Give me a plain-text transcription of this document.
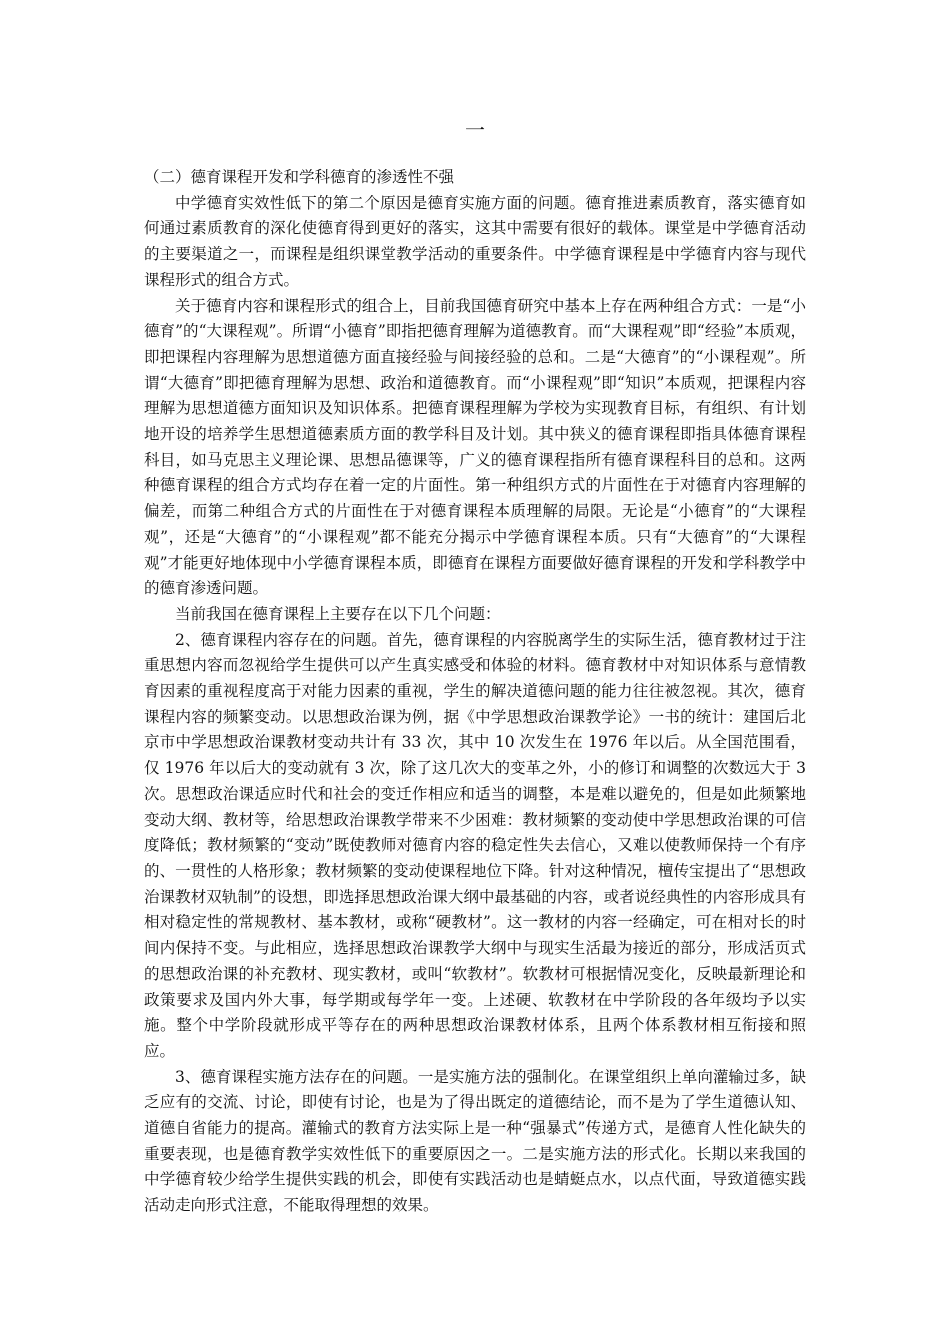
一
（二）德育课程开发和学科德育的渗透性不强

中学德育实效性低下的第二个原因是德育实施方面的问题。德育推进素质教育，落实德育如何通过素质教育的深化使德育得到更好的落实，这其中需要有很好的载体。课堂是中学德育活动的主要渠道之一，而课程是组织课堂教学活动的重要条件。中学德育课程是中学德育内容与现代课程形式的组合方式。

关于德育内容和课程形式的组合上，目前我国德育研究中基本上存在两种组合方式：一是“小德育”的“大课程观”。所谓“小德育”即指把德育理解为道德教育。而“大课程观”即“经验”本质观，即把课程内容理解为思想道德方面直接经验与间接经验的总和。二是“大德育”的“小课程观”。所谓“大德育”即把德育理解为思想、政治和道德教育。而“小课程观”即“知识”本质观，把课程内容理解为思想道德方面知识及知识体系。把德育课程理解为学校为实现教育目标，有组织、有计划地开设的培养学生思想道德素质方面的教学科目及计划。其中狭义的德育课程即指具体德育课程科目，如马克思主义理论课、思想品德课等，广义的德育课程指所有德育课程科目的总和。这两种德育课程的组合方式均存在着一定的片面性。第一种组织方式的片面性在于对德育内容理解的偏差，而第二种组合方式的片面性在于对德育课程本质理解的局限。无论是“小德育”的“大课程观”，还是“大德育”的“小课程观”都不能充分揭示中学德育课程本质。只有“大德育”的“大课程观”才能更好地体现中小学德育课程本质，即德育在课程方面要做好德育课程的开发和学科教学中的德育渗透问题。

当前我国在德育课程上主要存在以下几个问题：

2、德育课程内容存在的问题。首先，德育课程的内容脱离学生的实际生活，德育教材过于注重思想内容而忽视给学生提供可以产生真实感受和体验的材料。德育教材中对知识体系与意情教育因素的重视程度高于对能力因素的重视，学生的解决道德问题的能力往往被忽视。其次，德育课程内容的频繁变动。以思想政治课为例，据《中学思想政治课教学论》一书的统计：建国后北京市中学思想政治课教材变动共计有 33 次，其中 10 次发生在 1976 年以后。从全国范围看，仅 1976 年以后大的变动就有 3 次，除了这几次大的变革之外，小的修订和调整的次数远大于 3 次。思想政治课适应时代和社会的变迁作相应和适当的调整，本是难以避免的，但是如此频繁地变动大纲、教材等，给思想政治课教学带来不少困难：教材频繁的变动使中学思想政治课的可信度降低；教材频繁的“变动”既使教师对德育内容的稳定性失去信心，又难以使教师保持一个有序的、一贯性的人格形象；教材频繁的变动使课程地位下降。针对这种情况，檀传宝提出了“思想政治课教材双轨制”的设想，即选择思想政治课大纲中最基础的内容，或者说经典性的内容形成具有相对稳定性的常规教材、基本教材，或称“硬教材”。这一教材的内容一经确定，可在相对长的时间内保持不变。与此相应，选择思想政治课教学大纲中与现实生活最为接近的部分，形成活页式的思想政治课的补充教材、现实教材，或叫“软教材”。软教材可根据情况变化，反映最新理论和政策要求及国内外大事，每学期或每学年一变。上述硬、软教材在中学阶段的各年级均予以实施。整个中学阶段就形成平等存在的两种思想政治课教材体系，且两个体系教材相互衔接和照应。

3、德育课程实施方法存在的问题。一是实施方法的强制化。在课堂组织上单向灌输过多，缺乏应有的交流、讨论，即使有讨论，也是为了得出既定的道德结论，而不是为了学生道德认知、道德自省能力的提高。灌输式的教育方法实际上是一种“强暴式”传递方式，是德育人性化缺失的重要表现，也是德育教学实效性低下的重要原因之一。二是实施方法的形式化。长期以来我国的中学德育较少给学生提供实践的机会，即使有实践活动也是蜻蜓点水，以点代面，导致道德实践活动走向形式注意，不能取得理想的效果。
